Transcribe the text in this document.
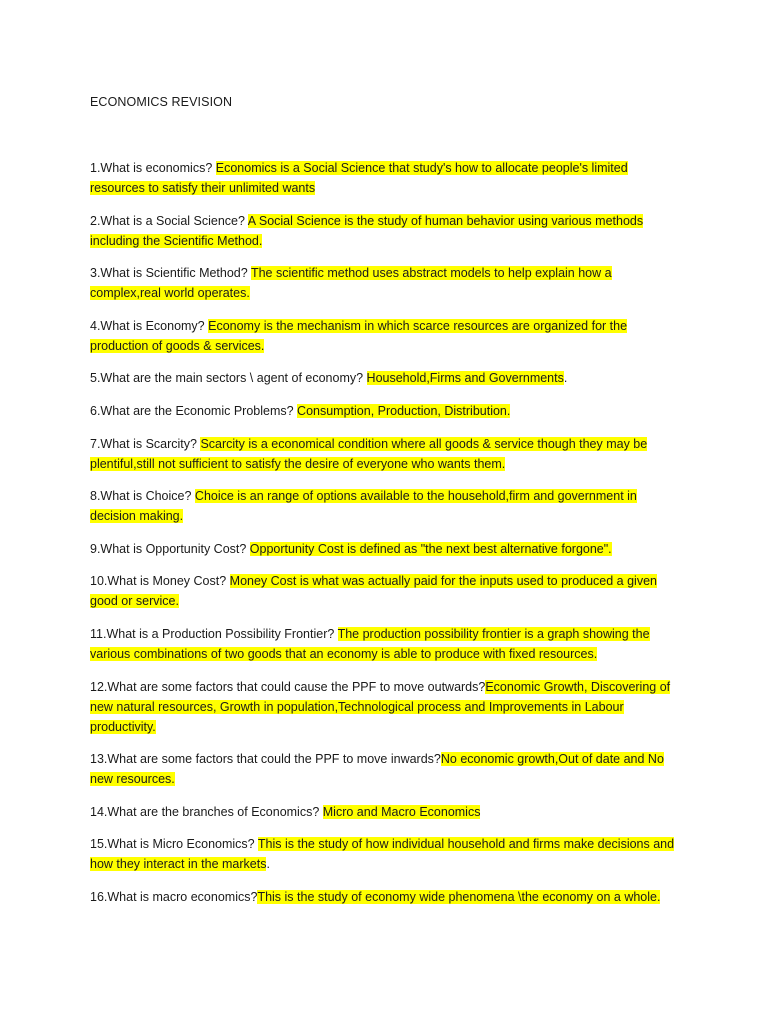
ECONOMICS REVISION
1.What is economics? Economics is a Social Science that study's how to allocate people's limited resources to satisfy their unlimited wants
2.What is a Social Science? A Social Science is the study of human behavior using various methods including the Scientific Method.
3.What is Scientific Method? The scientific method uses abstract models to help explain how a complex,real world operates.
4.What is Economy? Economy is the mechanism in which scarce resources are organized for the production of goods & services.
5.What are the main sectors \ agent of economy? Household,Firms and Governments.
6.What are the Economic Problems? Consumption, Production, Distribution.
7.What is Scarcity? Scarcity is a economical condition where all goods & service though they may be plentiful,still not sufficient to satisfy the desire of everyone who wants them.
8.What is Choice? Choice is an range of options available to the household,firm and government in decision making.
9.What is Opportunity Cost? Opportunity Cost is defined as "the next best alternative forgone".
10.What is Money Cost? Money Cost is what was actually paid for the inputs used to produced a given good or service.
11.What is a Production Possibility Frontier? The production possibility frontier is a graph showing the various combinations of two goods that an economy is able to produce with fixed resources.
12.What are some factors that could cause the PPF to move outwards?Economic Growth, Discovering of new natural resources, Growth in population,Technological process and Improvements in Labour productivity.
13.What are some factors that could the PPF to move inwards?No economic growth,Out of date and No new resources.
14.What are the branches of Economics? Micro and Macro Economics
15.What is Micro Economics? This is the study of how individual household and firms make decisions and how they interact in the markets.
16.What is macro economics?This is the study of economy wide phenomena \the economy on a whole.
